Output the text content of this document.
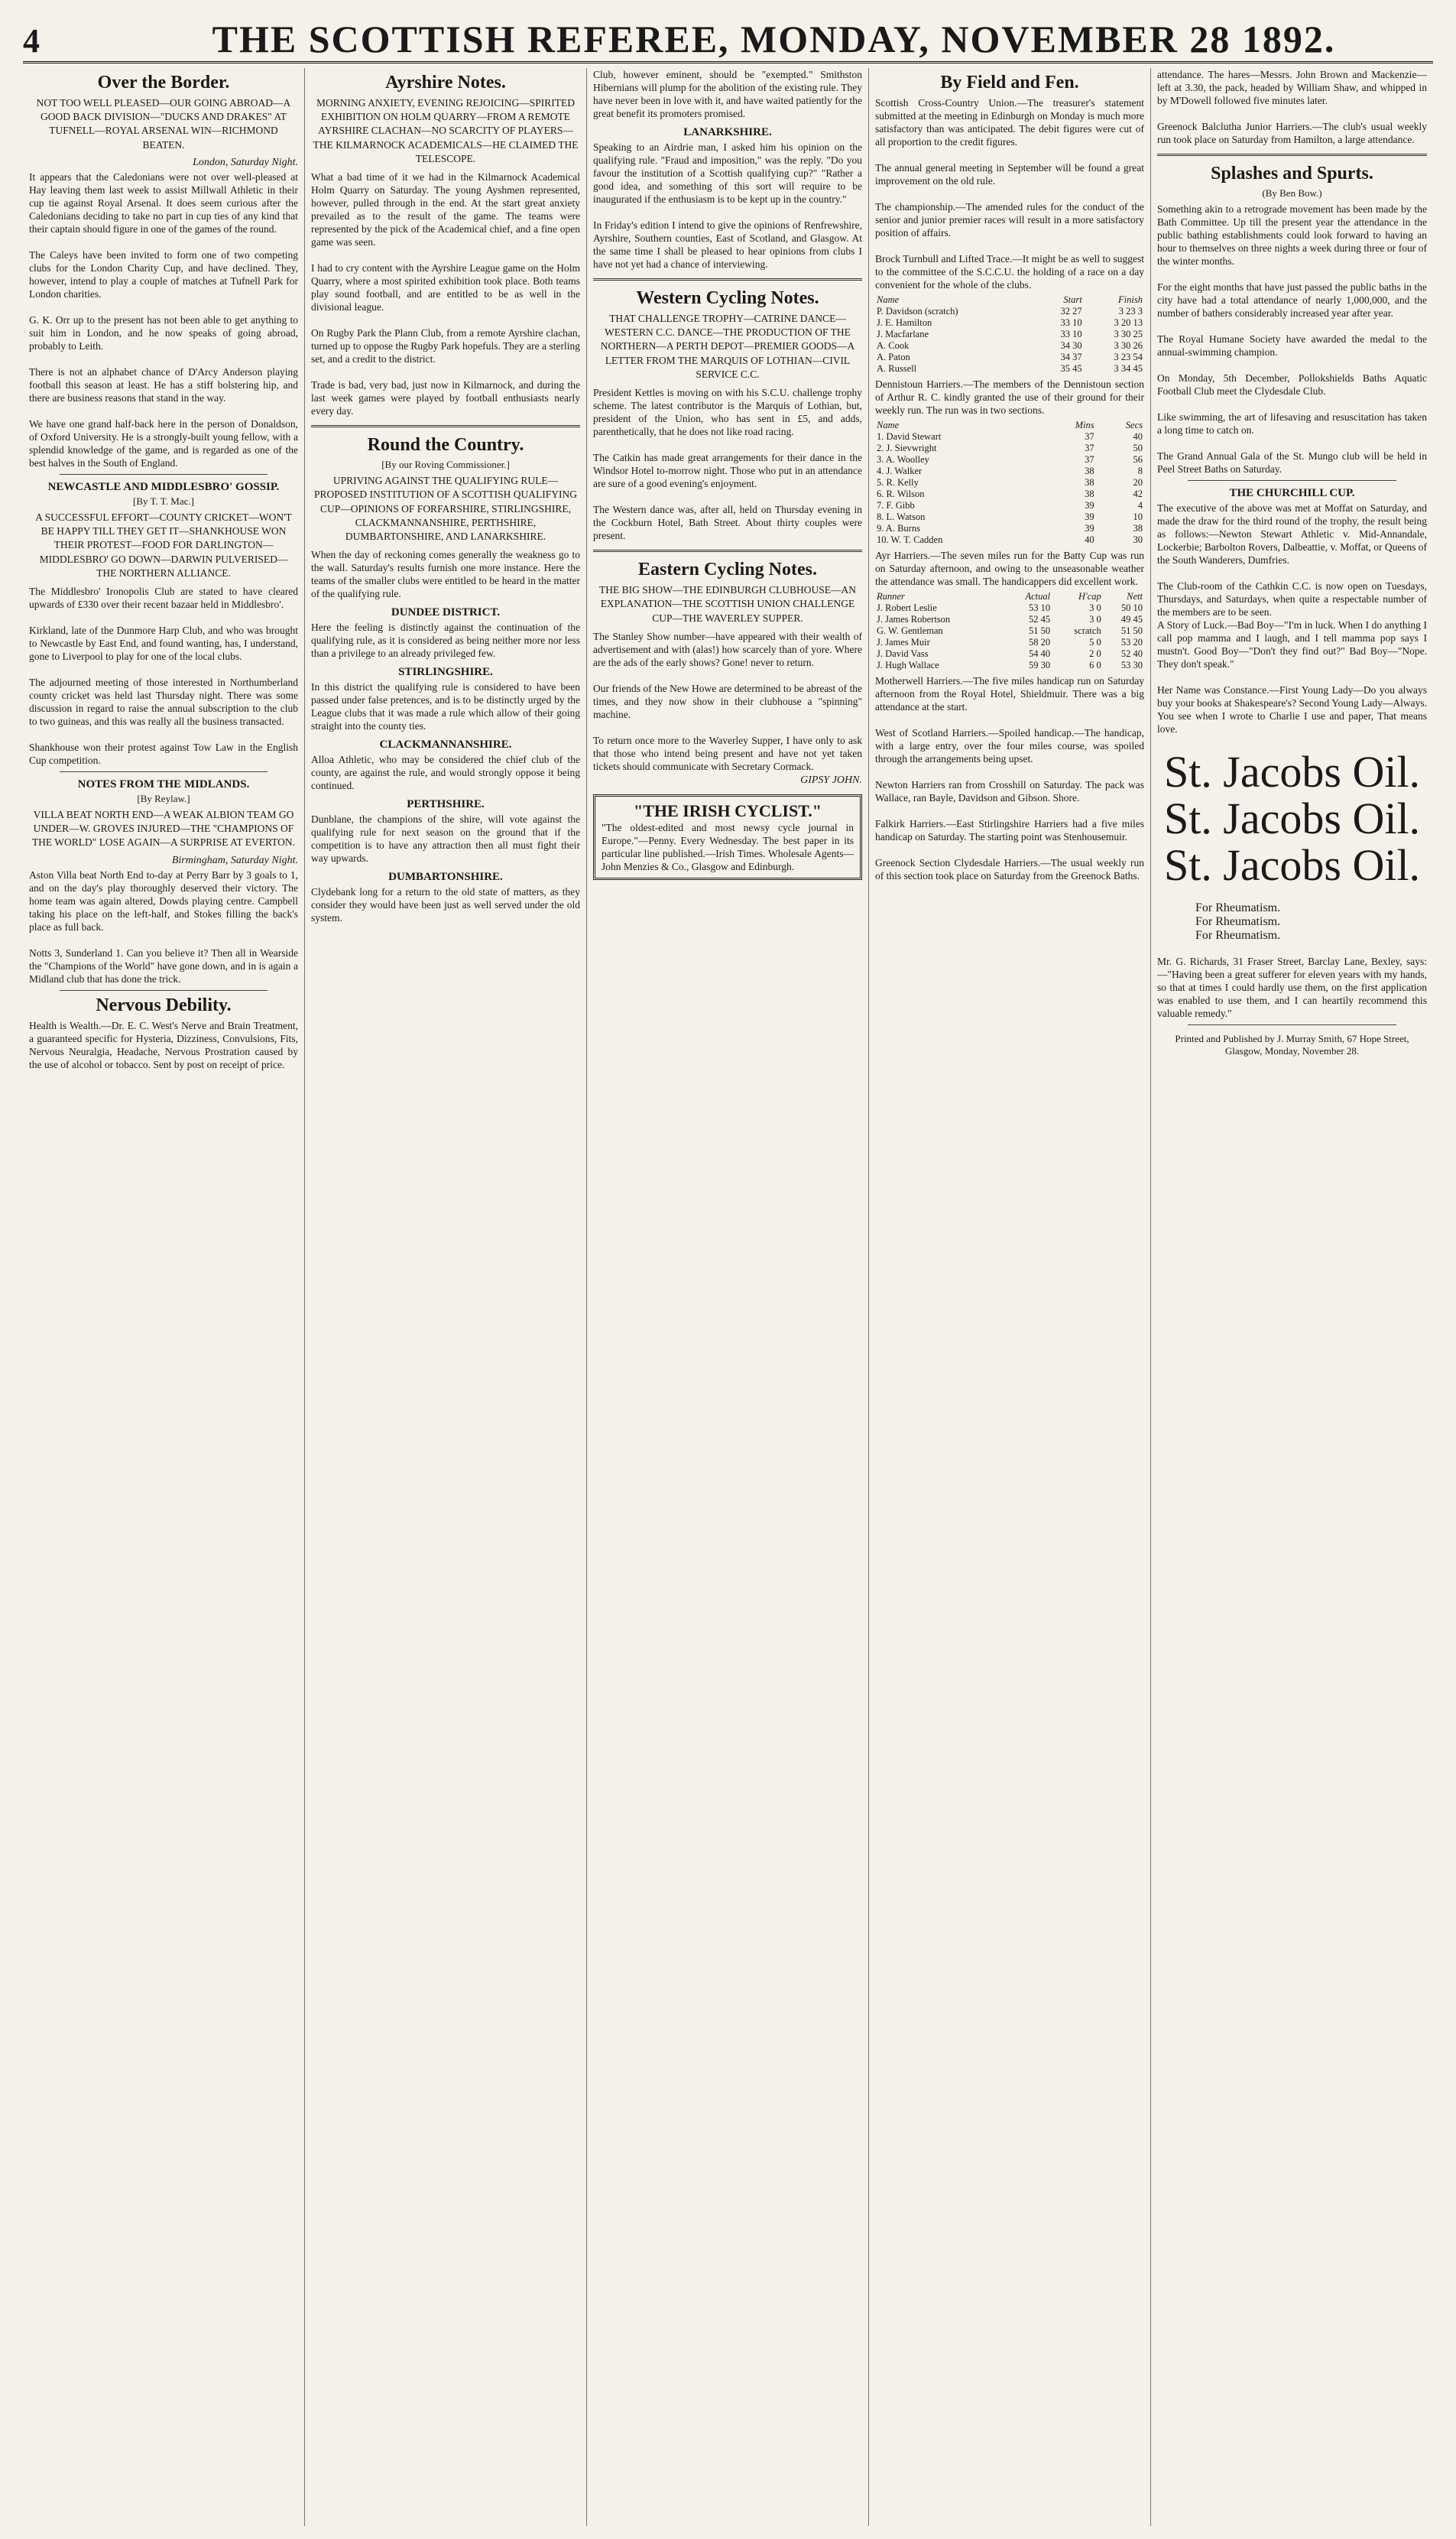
4	THE SCOTTISH REFEREE, MONDAY, NOVEMBER 28 1892.
Over the Border.
NOT TOO WELL PLEASED—OUR GOING ABROAD—A GOOD BACK DIVISION—"DUCKS AND DRAKES" AT TUFNELL—ROYAL ARSENAL WIN—RICHMOND BEATEN.
London, Saturday Night.

It appears that the Caledonians were not over well-pleased at Hay leaving them last week to assist Millwall Athletic in their cup tie against Royal Arsenal. It does seem curious after the Caledonians deciding to take no part in cup ties of any kind that their captain should figure in one of the games of the round.

The Caleys have been invited to form one of two competing clubs for the London Charity Cup, and have declined. They, however, intend to play a couple of matches at Tufnell Park for London charities.

G. K. Orr up to the present has not been able to get anything to suit him in London, and he now speaks of going abroad, probably to Leith.

There is not an alphabet chance of D'Arcy Anderson playing football this season at least. He has a stiff bolstering hip, and there are business reasons that stand in the way.

We have one grand half-back here in the person of Donaldson, of Oxford University. He is a strongly-built young fellow, with a splendid knowledge of the game, and is regarded as one of the best halves in the South of England.

NEWCASTLE AND MIDDLESBRO' GOSSIP.
[By T. T. Mac.]
A SUCCESSFUL EFFORT—COUNTY CRICKET—WON'T BE HAPPY TILL THEY GET IT—SHANKHOUSE WON THEIR PROTEST—FOOD FOR DARLINGTON—MIDDLESBRO' GO DOWN—DARWIN PULVERISED—THE NORTHERN ALLIANCE.

The Middlesbro' Ironopolis Club are stated to have cleared upwards of £330 over their recent bazaar held in Middlesbro'.

Kirkland, late of the Dunmore Harp Club, and who was brought to Newcastle by East End, and found wanting, has, I understand, gone to Liverpool to play for one of the local clubs.

The adjourned meeting of those interested in Northumberland county cricket was held last Thursday night. There was some discussion in regard to raise the annual subscription to the club to two guineas, and this was really all the business transacted.

Shankhouse won their protest against Tow Law in the English Cup competition.

NOTES FROM THE MIDLANDS.
[By Reylaw.]
VILLA BEAT NORTH END—A WEAK ALBION TEAM GO UNDER—W. GROVES INJURED—THE "CHAMPIONS OF THE WORLD" LOSE AGAIN—A SURPRISE AT EVERTON.
Birmingham, Saturday Night.

Aston Villa beat North End to-day at Perry Barr by 3 goals to 1, and on the day's play thoroughly deserved their victory. The home team was again altered, Dowds playing centre. Campbell taking his place on the left-half, and Stokes filling the back's place as full back.

Notts 3, Sunderland 1. Can you believe it? Then all in Wearside the "Champions of the World" have gone down, and in is again a Midland club that has done the trick.

Nervous Debility.

Health is Wealth.—Dr. E. C. West's Nerve and Brain Treatment, a guaranteed specific for Hysteria, Dizziness, Convulsions, Fits, Nervous Neuralgia, Headache, Nervous Prostration caused by the use of alcohol or tobacco. Sent by post on receipt of price.

Ayrshire Notes.
MORNING ANXIETY, EVENING REJOICING—SPIRITED EXHIBITION ON HOLM QUARRY—FROM A REMOTE AYRSHIRE CLACHAN—NO SCARCITY OF PLAYERS—THE KILMARNOCK ACADEMICALS—HE CLAIMED THE TELESCOPE.

What a bad time of it we had in the Kilmarnock Academical Holm Quarry on Saturday. The young Ayshmen represented, however, pulled through in the end. At the start great anxiety prevailed as to the result of the game. The teams were represented by the pick of the Academical chief, and a fine open game was seen.

I had to cry content with the Ayrshire League game on the Holm Quarry, where a most spirited exhibition took place. Both teams play sound football, and are entitled to be as well in the divisional league.

On Rugby Park the Plann Club, from a remote Ayrshire clachan, turned up to oppose the Rugby Park hopefuls. They are a sterling set, and a credit to the district.

Trade is bad, very bad, just now in Kilmarnock, and during the last week games were played by football enthusiasts nearly every day.

Round the Country.
[By our Roving Commissioner.]
UPRIVING AGAINST THE QUALIFYING RULE—PROPOSED INSTITUTION OF A SCOTTISH QUALIFYING CUP—OPINIONS OF FORFARSHIRE, STIRLINGSHIRE, CLACKMANNANSHIRE, PERTHSHIRE, DUMBARTONSHIRE, AND LANARKSHIRE.

When the day of reckoning comes generally the weakness go to the wall. Saturday's results furnish one more instance. Here the teams of the smaller clubs were entitled to be heard in the matter of the qualifying rule.

DUNDEE DISTRICT.

Here the feeling is distinctly against the continuation of the qualifying rule, as it is considered as being neither more nor less than a privilege to an already privileged few.

STIRLINGSHIRE.

In this district the qualifying rule is considered to have been passed under false pretences, and is to be distinctly urged by the League clubs that it was made a rule which allow of their going straight into the county ties.

CLACKMANNANSHIRE.

Alloa Athletic, who may be considered the chief club of the county, are against the rule, and would strongly oppose it being continued.

PERTHSHIRE.

Dunblane, the champions of the shire, will vote against the qualifying rule for next season on the ground that if the competition is to have any attraction then all must fight their way upwards.

DUMBARTONSHIRE.

Clydebank long for a return to the old state of matters, as they consider they would have been just as well served under the old system.

Club, however eminent, should be "exempted." Smithston Hibernians will plump for the abolition of the existing rule. They have never been in love with it, and have waited patiently for the great benefit its promoters promised.

LANARKSHIRE.

Speaking to an Airdrie man, I asked him his opinion on the qualifying rule. "Fraud and imposition," was the reply. "Do you favour the institution of a Scottish qualifying cup?" "Rather a good idea, and something of this sort will require to be inaugurated if the enthusiasm is to be kept up in the country."

In Friday's edition I intend to give the opinions of Renfrewshire, Ayrshire, Southern counties, East of Scotland, and Glasgow. At the same time I shall be pleased to hear opinions from clubs I have not yet had a chance of interviewing.

Western Cycling Notes.
THAT CHALLENGE TROPHY—CATRINE DANCE—WESTERN C.C. DANCE—THE PRODUCTION OF THE NORTHERN—A PERTH DEPOT—PREMIER GOODS—A LETTER FROM THE MARQUIS OF LOTHIAN—CIVIL SERVICE C.C.

President Kettles is moving on with his S.C.U. challenge trophy scheme. The latest contributor is the Marquis of Lothian, but, president of the Union, who has sent in £5, and adds, parenthetically, that he does not like road racing.

The Catkin has made great arrangements for their dance in the Windsor Hotel to-morrow night. Those who put in an attendance are sure of a good evening's enjoyment.

The Western dance was, after all, held on Thursday evening in the Cockburn Hotel, Bath Street. About thirty couples were present.

Eastern Cycling Notes.
THE BIG SHOW—THE EDINBURGH CLUBHOUSE—AN EXPLANATION—THE SCOTTISH UNION CHALLENGE CUP—THE WAVERLEY SUPPER.

The Stanley Show number—have appeared with their wealth of advertisement and with (alas!) how scarcely than of yore. Where are the ads of the early shows? Gone! never to return.

Our friends of the New Howe are determined to be abreast of the times, and they now show in their clubhouse a "spinning" machine.

To return once more to the Waverley Supper, I have only to ask that those who intend being present and have not yet taken tickets should communicate with Secretary Cormack.

GIPSY JOHN.
"THE IRISH CYCLIST."

"The oldest-edited and most newsy cycle journal in Europe."—Penny. Every Wednesday. The best paper in its particular line published.—Irish Times. Wholesale Agents—John Menzies & Co., Glasgow and Edinburgh.

By Field and Fen.

Scottish Cross-Country Union.—The treasurer's statement submitted at the meeting in Edinburgh on Monday is much more satisfactory than was anticipated. The debit figures were cut of all proportion to the credit figures.

The annual general meeting in September will be found a great improvement on the old rule.

The championship.—The amended rules for the conduct of the senior and junior premier races will result in a more satisfactory position of affairs.

Brock Turnbull and Lifted Trace.—It might be as well to suggest to the committee of the S.C.C.U. the holding of a race on a day convenient for the whole of the clubs.

Name	Start	Finish
P. Davidson (scratch)	32 27	3 23 3
J. E. Hamilton	33 10	3 20 13
J. Macfarlane	33 10	3 30 25
A. Cook	34 30	3 30 26
A. Paton	34 37	3 23 54
A. Russell	35 45	3 34 45

Dennistoun Harriers.—The members of the Dennistoun section of Arthur R. C. kindly granted the use of their ground for their weekly run. The run was in two sections.

Name	Mins	Secs
1. David Stewart	37	40
2. J. Sievwright	37	50
3. A. Woolley	37	56
4. J. Walker	38	8
5. R. Kelly	38	20
6. R. Wilson	38	42
7. F. Gibb	39	4
8. L. Watson	39	10
9. A. Burns	39	38
10. W. T. Cadden	40	30

Ayr Harriers.—The seven miles run for the Batty Cup was run on Saturday afternoon, and owing to the unseasonable weather the attendance was small. The handicappers did excellent work.

Runner	Actual	H'cap	Nett
J. Robert Leslie	53 10	3 0	50 10
J. James Robertson	52 45	3 0	49 45
G. W. Gentleman	51 50	scratch	51 50
J. James Muir	58 20	5 0	53 20
J. David Vass	54 40	2 0	52 40
J. Hugh Wallace	59 30	6 0	53 30

Motherwell Harriers.—The five miles handicap run on Saturday afternoon from the Royal Hotel, Shieldmuir. There was a big attendance at the start.

West of Scotland Harriers.—Spoiled handicap.—The handicap, with a large entry, over the four miles course, was spoiled through the arrangements being upset.

Newton Harriers ran from Crosshill on Saturday. The pack was Wallace, ran Bayle, Davidson and Gibson. Shore.

Falkirk Harriers.—East Stirlingshire Harriers had a five miles handicap on Saturday. The starting point was Stenhousemuir.

Greenock Section Clydesdale Harriers.—The usual weekly run of this section took place on Saturday from the Greenock Baths.

attendance. The hares—Messrs. John Brown and Mackenzie—left at 3.30, the pack, headed by William Shaw, and whipped in by M'Dowell followed five minutes later.

Greenock Balclutha Junior Harriers.—The club's usual weekly run took place on Saturday from Hamilton, a large attendance.

Splashes and Spurts.
(By Ben Bow.)

Something akin to a retrograde movement has been made by the Bath Committee. Up till the present year the attendance in the public bathing establishments could look forward to having an hour to themselves on three nights a week during three or four of the winter months.

For the eight months that have just passed the public baths in the city have had a total attendance of nearly 1,000,000, and the number of bathers considerably increased year after year.

The Royal Humane Society have awarded the medal to the annual-swimming champion.

On Monday, 5th December, Pollokshields Baths Aquatic Football Club meet the Clydesdale Club.

Like swimming, the art of lifesaving and resuscitation has taken a long time to catch on.

The Grand Annual Gala of the St. Mungo club will be held in Peel Street Baths on Saturday.

THE CHURCHILL CUP.

The executive of the above was met at Moffat on Saturday, and made the draw for the third round of the trophy, the result being as follows:—Newton Stewart Athletic v. Mid-Annandale, Lockerbie; Barbolton Rovers, Dalbeattie, v. Moffat, or Queens of the South Wanderers, Dumfries.

The Club-room of the Cathkin C.C. is now open on Tuesdays, Thursdays, and Saturdays, when quite a respectable number of the members are to be seen.

A Story of Luck.—Bad Boy—"I'm in luck. When I do anything I call pop mamma and I laugh, and I tell mamma pop says I mustn't. Good Boy—"Don't they find out?" Bad Boy—"Nope. They don't speak."

Her Name was Constance.—First Young Lady—Do you always buy your books at Shakespeare's? Second Young Lady—Always. You see when I wrote to Charlie I use and paper, That means love.

St. Jacobs Oil.
St. Jacobs Oil.
St. Jacobs Oil.
For Rheumatism.
For Rheumatism.
For Rheumatism.

Mr. G. Richards, 31 Fraser Street, Barclay Lane, Bexley, says:—"Having been a great sufferer for eleven years with my hands, so that at times I could hardly use them, on the first application was enabled to use them, and I can heartily recommend this valuable remedy."

Printed and Published by J. Murray Smith, 67 Hope Street, Glasgow, Monday, November 28.
